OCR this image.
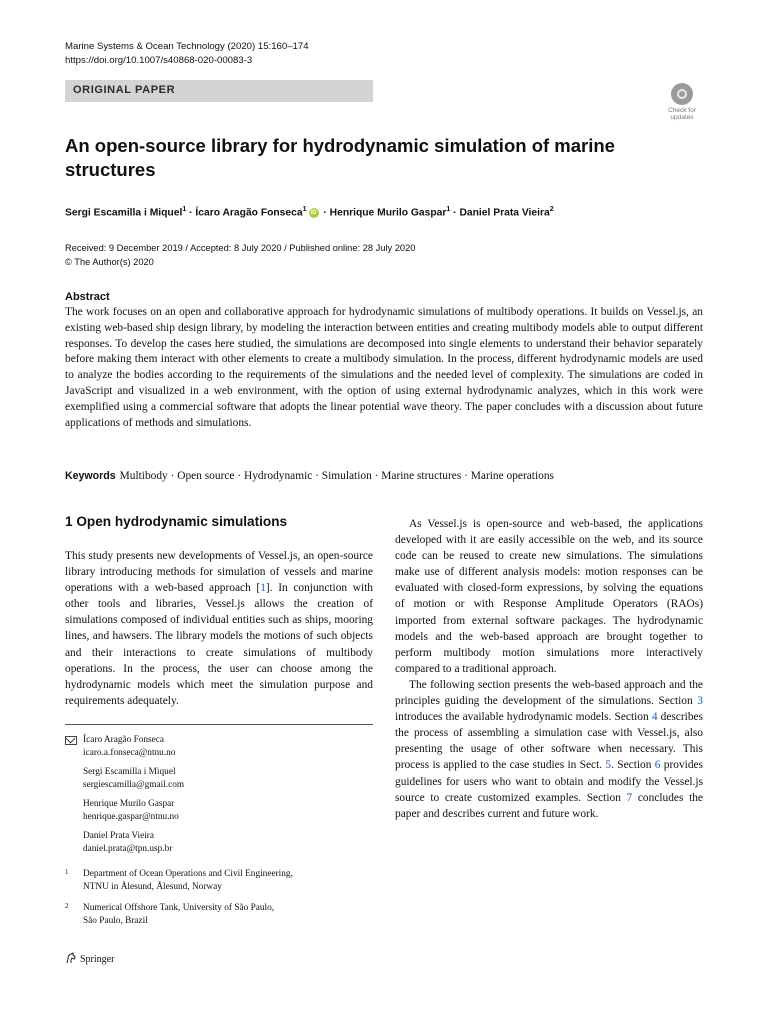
Marine Systems & Ocean Technology (2020) 15:160–174
https://doi.org/10.1007/s40868-020-00083-3
ORIGINAL PAPER
Check for
updates
An open-source library for hydrodynamic simulation of marine structures
Sergi Escamilla i Miquel$^1$ · Ícaro Aragão Fonseca$^1$iD · Henrique Murilo Gaspar$^1$ · Daniel Prata Vieira$^2$
Received: 9 December 2019 / Accepted: 8 July 2020 / Published online: 28 July 2020
© The Author(s) 2020
Abstract
The work focuses on an open and collaborative approach for hydrodynamic simulations of multibody operations. It builds on Vessel.js, an existing web-based ship design library, by modeling the interaction between entities and creating multibody models able to output different responses. To develop the cases here studied, the simulations are decomposed into single elements to understand their behavior separately before making them interact with other elements to create a multibody simulation. In the process, different hydrodynamic models are used to analyze the bodies according to the requirements of the simulations and the needed level of complexity. The simulations are coded in JavaScript and visualized in a web environment, with the option of using external hydrodynamic analyzes, which in this work were exemplified using a commercial software that adopts the linear potential wave theory. The paper concludes with a discussion about future applications of methods and simulations.
Keywords Multibody · Open source · Hydrodynamic · Simulation · Marine structures · Marine operations
1 Open hydrodynamic simulations
This study presents new developments of Vessel.js, an open-source library introducing methods for simulation of vessels and marine operations with a web-based approach [1]. In conjunction with other tools and libraries, Vessel.js allows the creation of simulations composed of individual entities such as ships, mooring lines, and hawsers. The library models the motions of such objects and their interactions to create simulations of multibody operations. In the process, the user can choose among the hydrodynamic models which meet the simulation purpose and requirements adequately.

As Vessel.js is open-source and web-based, the applications developed with it are easily accessible on the web, and its source code can be reused to create new simulations. The simulations make use of different analysis models: motion responses can be evaluated with closed-form expressions, by solving the equations of motion or with Response Amplitude Operators (RAOs) imported from external software packages. The hydrodynamic models and the web-based approach are brought together to perform multibody motion simulations more interactively compared to a traditional approach.

The following section presents the web-based approach and the principles guiding the development of the simulations. Section 3 introduces the available hydrodynamic models. Section 4 describes the process of assembling a simulation case with Vessel.js, also presenting the usage of other software when necessary. This process is applied to the case studies in Sect. 5. Section 6 provides guidelines for users who want to obtain and modify the Vessel.js source to create customized examples. Section 7 concludes the paper and describes current and future work.

Ícaro Aragão Fonseca
icaro.a.fonseca@ntnu.no
Sergi Escamilla i Miquel
sergiescamilla@gmail.com
Henrique Murilo Gaspar
henrique.gaspar@ntnu.no
Daniel Prata Vieira
daniel.prata@tpn.usp.br
1 Department of Ocean Operations and Civil Engineering,
NTNU in Ålesund, Ålesund, Norway
2 Numerical Offshore Tank, University of São Paulo,
São Paulo, Brazil
Springer
